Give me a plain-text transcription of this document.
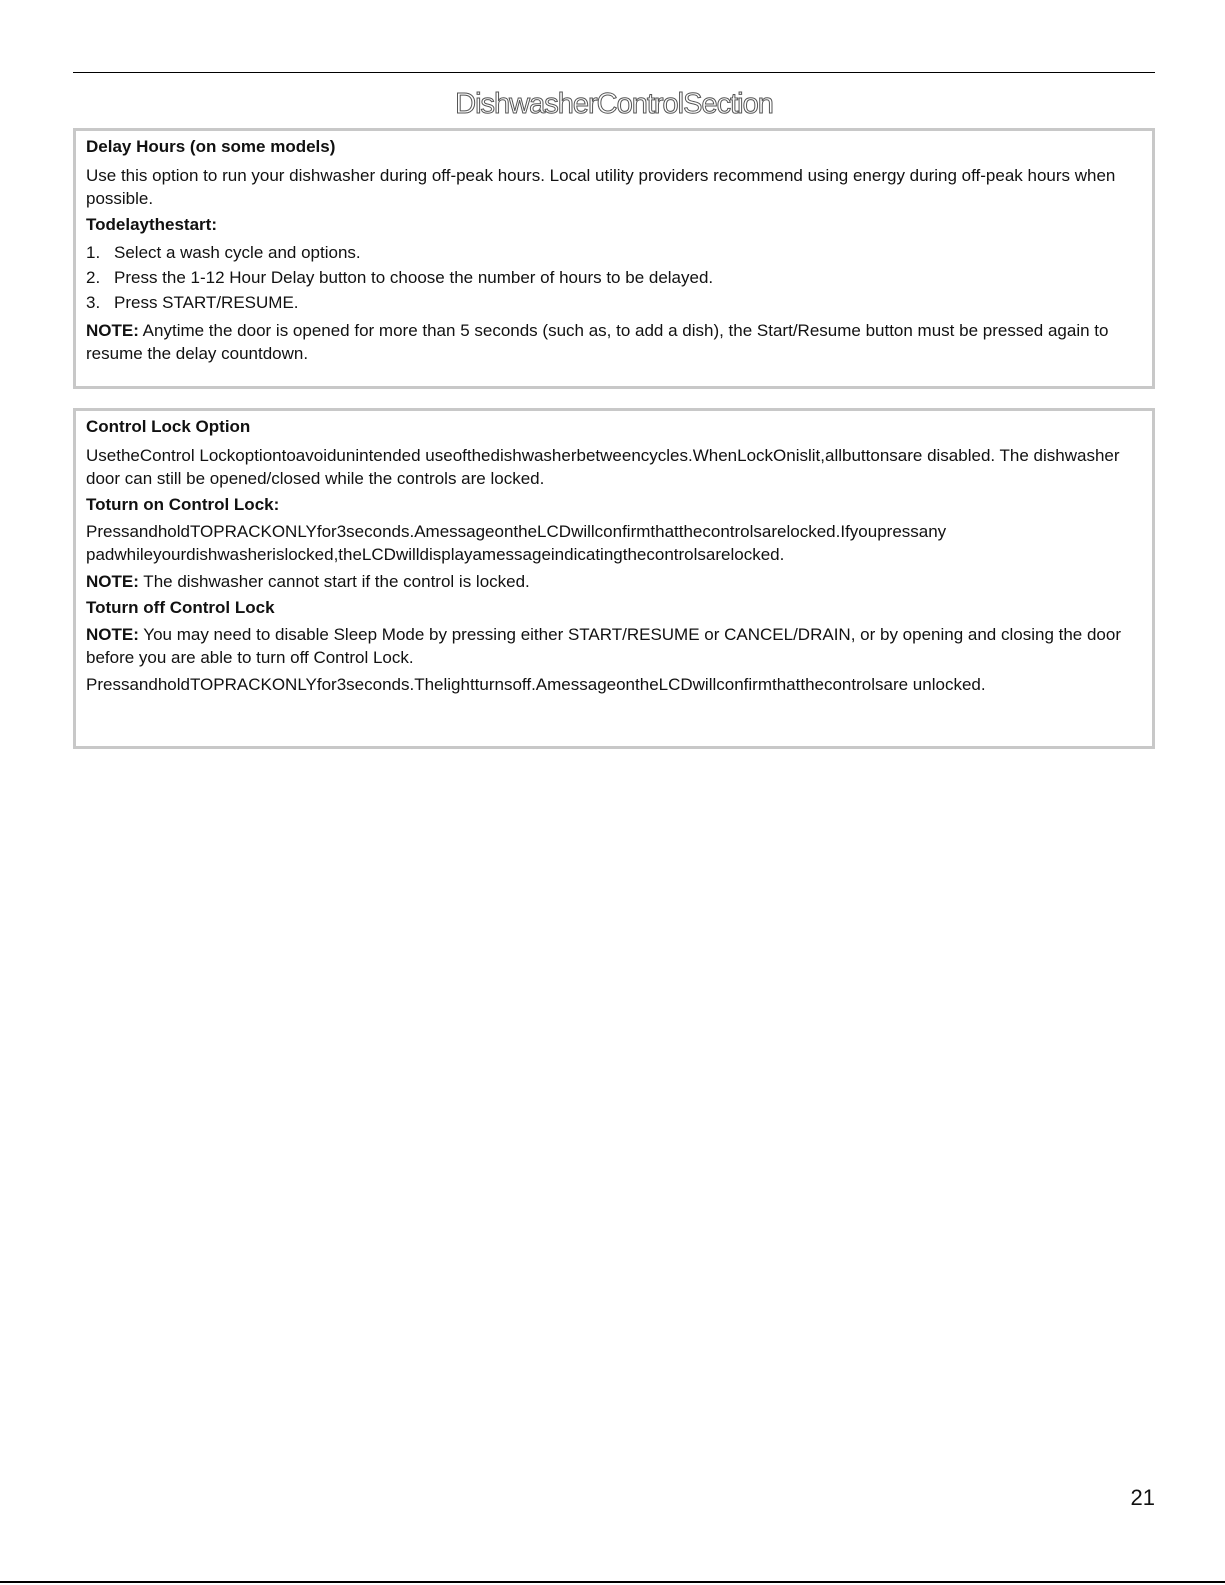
DishwasherControlSection
Delay Hours (on some models)

Use this option to run your dishwasher during off-peak hours. Local utility providers recommend using energy during off-peak hours when possible.

Todelaythestart:
1. Select a wash cycle and options.
2. Press the 1-12 Hour Delay button to choose the number of hours to be delayed.
3. Press START/RESUME.

NOTE: Anytime the door is opened for more than 5 seconds (such as, to add a dish), the Start/Resume button must be pressed again to resume the delay countdown.

Control Lock Option

UsetheControl Lockoptiontoavoidunintended useofthedishwasherbetweencycles.WhenLockOnislit,allbuttonsare disabled. The dishwasher door can still be opened/closed while the controls are locked.

Toturn on Control Lock:

PressandholdTOPRACKONLYfor3seconds.AmessageontheLCDwillconfirmthatthecontrolsarelocked.Ifyoupressany padwhileyourdishwasherislocked,theLCDwilldisplayamessageindicatingthecontrolsarelocked.

NOTE: The dishwasher cannot start if the control is locked.

Toturn off Control Lock

NOTE: You may need to disable Sleep Mode by pressing either START/RESUME or CANCEL/DRAIN, or by opening and closing the door before you are able to turn off Control Lock.

PressandholdTOPRACKONLYfor3seconds.Thelightturnsoff.AmessageontheLCDwillconfirmthatthecontrolsare unlocked.

21
